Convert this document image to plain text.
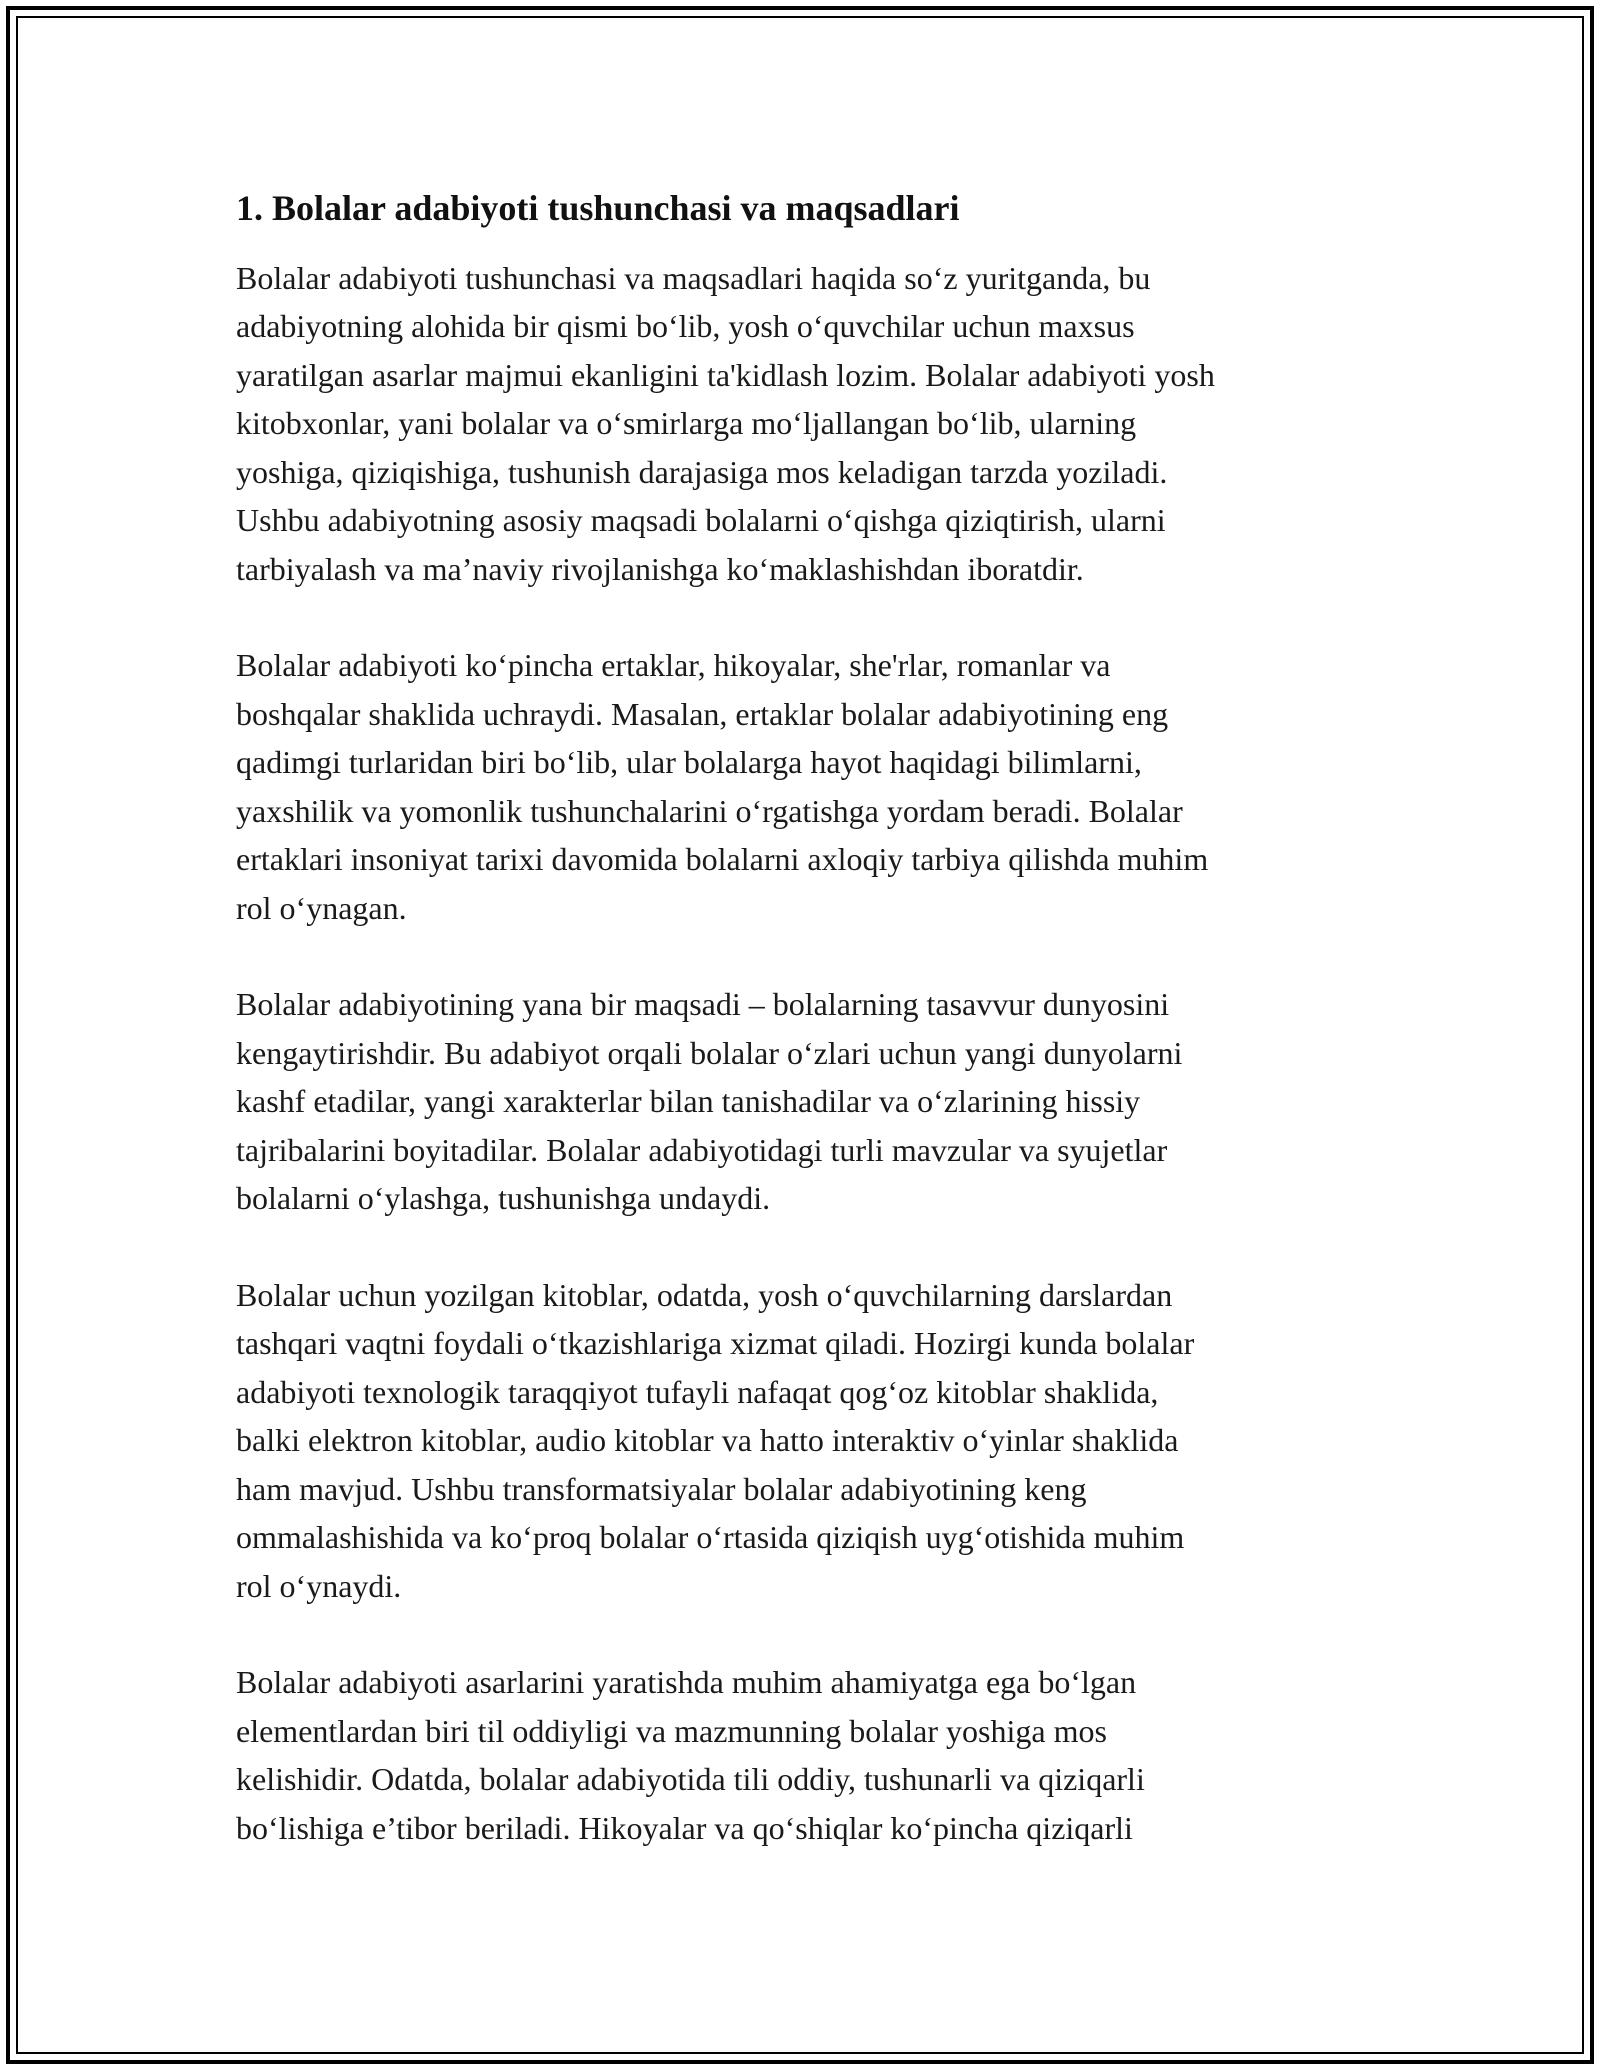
1. Bolalar adabiyoti tushunchasi va maqsadlari

Bolalar adabiyoti tushunchasi va maqsadlari haqida so‘z yuritganda, bu
adabiyotning alohida bir qismi bo‘lib, yosh o‘quvchilar uchun maxsus
yaratilgan asarlar majmui ekanligini ta'kidlash lozim. Bolalar adabiyoti yosh
kitobxonlar, yani bolalar va o‘smirlarga mo‘ljallangan bo‘lib, ularning
yoshiga, qiziqishiga, tushunish darajasiga mos keladigan tarzda yoziladi.
Ushbu adabiyotning asosiy maqsadi bolalarni o‘qishga qiziqtirish, ularni
tarbiyalash va ma’naviy rivojlanishga ko‘maklashishdan iboratdir.

Bolalar adabiyoti ko‘pincha ertaklar, hikoyalar, she'rlar, romanlar va
boshqalar shaklida uchraydi. Masalan, ertaklar bolalar adabiyotining eng
qadimgi turlaridan biri bo‘lib, ular bolalarga hayot haqidagi bilimlarni,
yaxshilik va yomonlik tushunchalarini o‘rgatishga yordam beradi. Bolalar
ertaklari insoniyat tarixi davomida bolalarni axloqiy tarbiya qilishda muhim
rol o‘ynagan.

Bolalar adabiyotining yana bir maqsadi – bolalarning tasavvur dunyosini
kengaytirishdir. Bu adabiyot orqali bolalar o‘zlari uchun yangi dunyolarni
kashf etadilar, yangi xarakterlar bilan tanishadilar va o‘zlarining hissiy
tajribalarini boyitadilar. Bolalar adabiyotidagi turli mavzular va syujetlar
bolalarni o‘ylashga, tushunishga undaydi.

Bolalar uchun yozilgan kitoblar, odatda, yosh o‘quvchilarning darslardan
tashqari vaqtni foydali o‘tkazishlariga xizmat qiladi. Hozirgi kunda bolalar
adabiyoti texnologik taraqqiyot tufayli nafaqat qog‘oz kitoblar shaklida,
balki elektron kitoblar, audio kitoblar va hatto interaktiv o‘yinlar shaklida
ham mavjud. Ushbu transformatsiyalar bolalar adabiyotining keng
ommalashishida va ko‘proq bolalar o‘rtasida qiziqish uyg‘otishida muhim
rol o‘ynaydi.

Bolalar adabiyoti asarlarini yaratishda muhim ahamiyatga ega bo‘lgan
elementlardan biri til oddiyligi va mazmunning bolalar yoshiga mos
kelishidir. Odatda, bolalar adabiyotida tili oddiy, tushunarli va qiziqarli
bo‘lishiga e’tibor beriladi. Hikoyalar va qo‘shiqlar ko‘pincha qiziqarli
